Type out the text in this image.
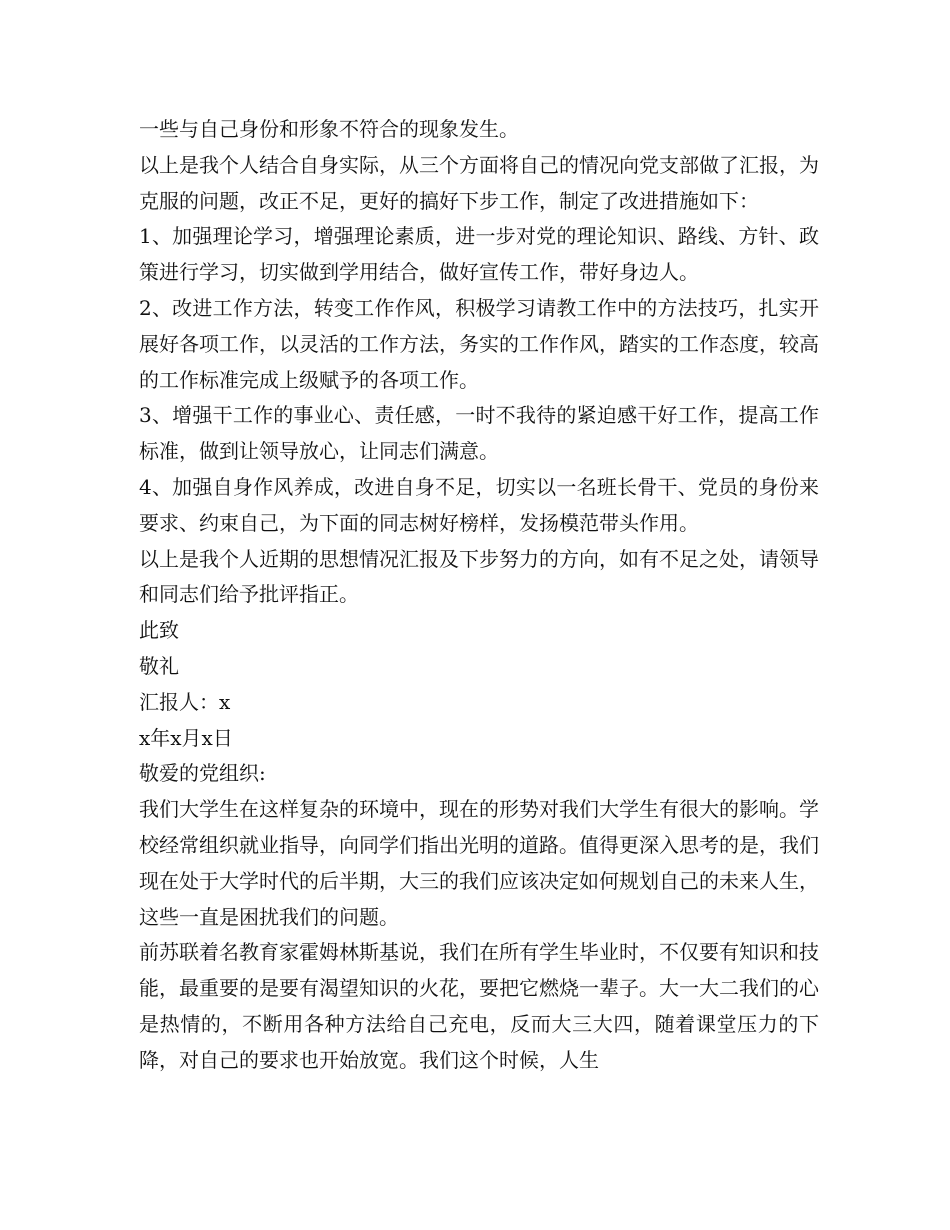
一些与自己身份和形象不符合的现象发生。

以上是我个人结合自身实际，从三个方面将自己的情况向党支部做了汇报，为克服的问题，改正不足，更好的搞好下步工作，制定了改进措施如下：

1、加强理论学习，增强理论素质，进一步对党的理论知识、路线、方针、政策进行学习，切实做到学用结合，做好宣传工作，带好身边人。

2、改进工作方法，转变工作作风，积极学习请教工作中的方法技巧，扎实开展好各项工作，以灵活的工作方法，务实的工作作风，踏实的工作态度，较高的工作标准完成上级赋予的各项工作。

3、增强干工作的事业心、责任感，一时不我待的紧迫感干好工作，提高工作标准，做到让领导放心，让同志们满意。

4、加强自身作风养成，改进自身不足，切实以一名班长骨干、党员的身份来要求、约束自己，为下面的同志树好榜样，发扬模范带头作用。

以上是我个人近期的思想情况汇报及下步努力的方向，如有不足之处，请领导和同志们给予批评指正。

此致

敬礼

汇报人：x

x年x月x日

敬爱的党组织:

我们大学生在这样复杂的环境中，现在的形势对我们大学生有很大的影响。学校经常组织就业指导，向同学们指出光明的道路。值得更深入思考的是，我们现在处于大学时代的后半期，大三的我们应该决定如何规划自己的未来人生，这些一直是困扰我们的问题。

前苏联着名教育家霍姆林斯基说，我们在所有学生毕业时，不仅要有知识和技能，最重要的是要有渴望知识的火花，要把它燃烧一辈子。大一大二我们的心是热情的，不断用各种方法给自己充电，反而大三大四，随着课堂压力的下降，对自己的要求也开始放宽。我们这个时候，人生
